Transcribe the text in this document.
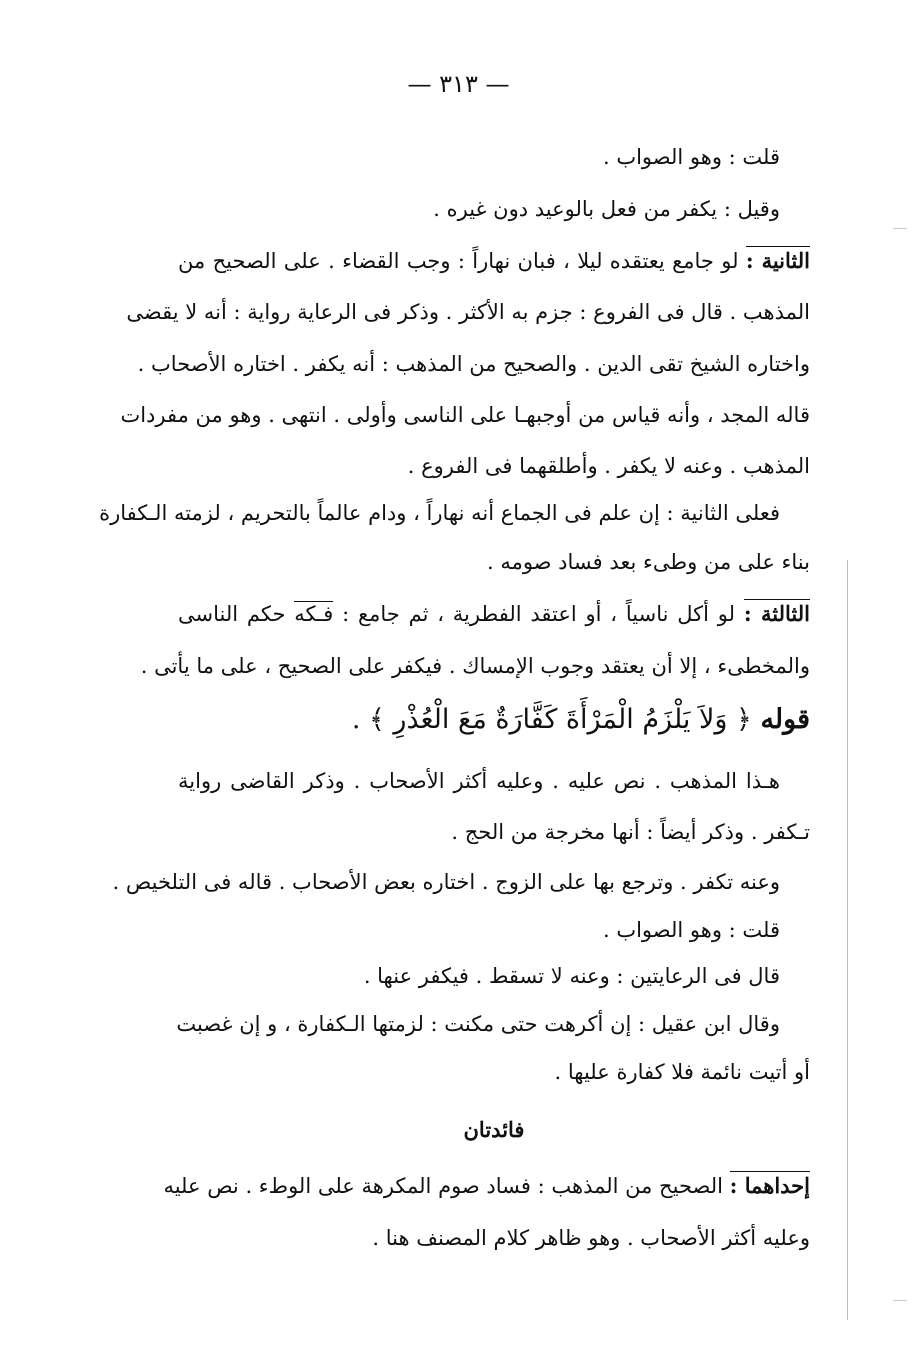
— ٣١٣ —
قلت : وهو الصواب .
وقيل : يكفر من فعل بالوعيد دون غيره .
الثانية : لو جامع يعتقده ليلا ، فبان نهاراً : وجب القضاء . على الصحيح من
المذهب . قال فى الفروع : جزم به الأكثر . وذكر فى الرعاية رواية : أنه لا يقضى
واختاره الشيخ تقى الدين . والصحيح من المذهب : أنه يكفر . اختاره الأصحاب .
قاله المجد ، وأنه قياس من أوجبهـا على الناسى وأولى . انتهى . وهو من مفردات
المذهب . وعنه لا يكفر . وأطلقهما فى الفروع .
فعلى الثانية : إن علم فى الجماع أنه نهاراً ، ودام عالماً بالتحريم ، لزمته الـكفارة
بناء على من وطىء بعد فساد صومه .
الثالثة : لو أكل ناسياً ، أو اعتقد الفطرية ، ثم جامع : فـكه حكم الناسى
والمخطىء ، إلا أن يعتقد وجوب الإمساك . فيكفر على الصحيح ، على ما يأتى .
قوله ﴿ وَلاَ يَلْزَمُ الْمَرْأَةَ كَفَّارَةٌ مَعَ الْعُذْرِ ﴾ .
هـذا المذهب . نص عليه . وعليه أكثر الأصحاب . وذكر القاضى رواية
تـكفر . وذكر أيضاً : أنها مخرجة من الحج .
وعنه تكفر . وترجع بها على الزوج . اختاره بعض الأصحاب . قاله فى التلخيص .
قلت : وهو الصواب .
قال فى الرعايتين : وعنه لا تسقط . فيكفر عنها .
وقال ابن عقيل : إن أكرهت حتى مكنت : لزمتها الـكفارة ، و إن غصبت
أو أتيت نائمة فلا كفارة عليها .
فائدتان
إحداهما : الصحيح من المذهب : فساد صوم المكرهة على الوطء . نص عليه
وعليه أكثر الأصحاب . وهو ظاهر كلام المصنف هنا .
